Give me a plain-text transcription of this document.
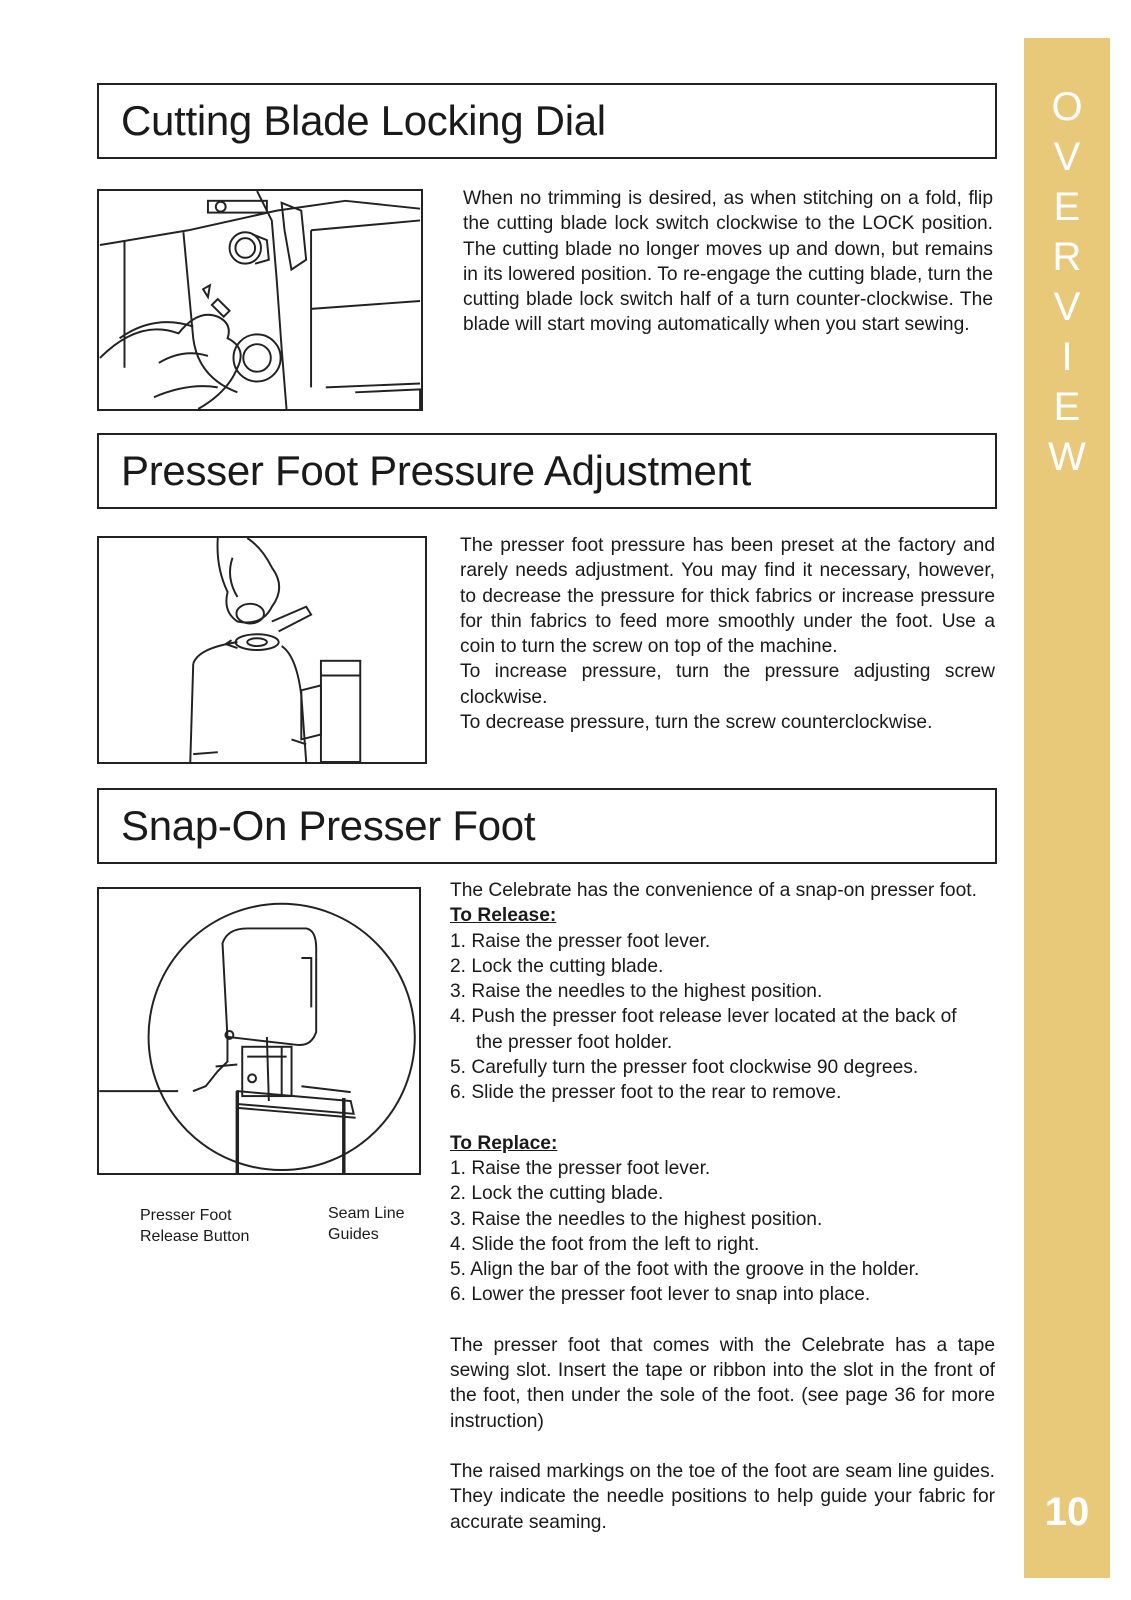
O
V
E
R
V
I
E
W
10
Cutting Blade Locking Dial
When no trimming is desired, as when stitching on a fold, flip the cutting blade lock switch clockwise to the LOCK position. The cutting blade no longer moves up and down, but remains in its lowered position. To re-engage the cutting blade, turn the cutting blade lock switch half of a turn counter-clockwise. The blade will start moving automatically when you start sewing.
Presser Foot Pressure Adjustment
The presser foot pressure has been preset at the factory and rarely needs adjustment. You may find it necessary, however, to decrease the pressure for thick fabrics or increase pressure for thin fabrics to feed more smoothly under the foot. Use a coin to turn the screw on top of the machine.
To increase pressure, turn the pressure adjusting screw clockwise.
To decrease pressure, turn the screw counterclockwise.
Snap-On Presser Foot
Presser Foot
Release Button
Seam Line
Guides
The Celebrate has the convenience of a snap-on presser foot.
To Release:
1. Raise the presser foot lever.
2. Lock the cutting blade.
3. Raise the needles to the highest position.
4. Push the presser foot release lever located at the back of
the presser foot holder.
5. Carefully turn the presser foot clockwise 90 degrees.
6. Slide the presser foot to the rear to remove.
To Replace:
1. Raise the presser foot lever.
2. Lock the cutting blade.
3. Raise the needles to the highest position.
4. Slide the foot from the left to right.
5. Align the bar of the foot with the groove in the holder.
6. Lower the presser foot lever to snap into place.
The presser foot that comes with the Celebrate has a tape sewing slot. Insert the tape or ribbon into the slot in the front of the foot, then under the sole of the foot. (see page 36 for more instruction)
The raised markings on the toe of the foot are seam line guides. They indicate the needle positions to help guide your fabric for accurate seaming.
